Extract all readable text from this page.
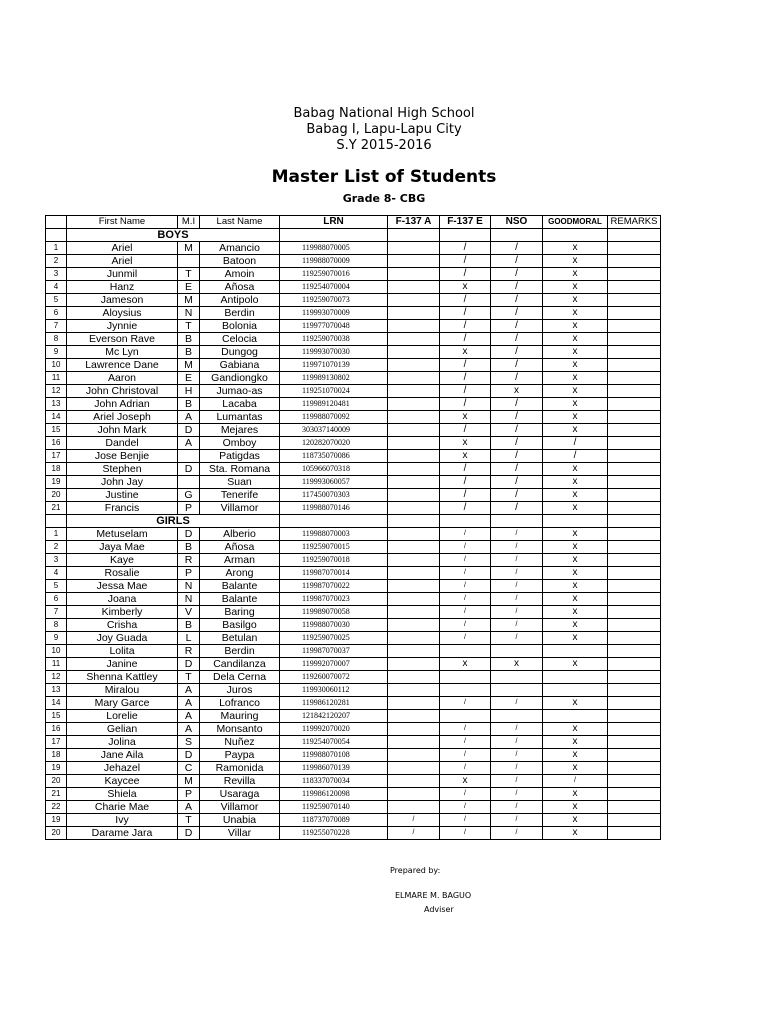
Babag National High School
Babag I, Lapu-Lapu City
S.Y 2015-2016
Master List of Students
Grade 8- CBG
	First Name	M.I	Last Name	LRN	F-137 A	F-137 E	NSO	GOODMORAL	REMARKS
	BOYS								
1	Ariel	M	Amancio	119988070005		/	/	x	
2	Ariel		Batoon	119988070009		/	/	x	
3	Junmil	T	Amoin	119259070016		/	/	x	
4	Hanz	E	Añosa	119254070004		x	/	x	
5	Jameson	M	Antipolo	119259070073		/	/	x	
6	Aloysius	N	Berdin	119993070009		/	/	x	
7	Jynnie	T	Bolonia	119977070048		/	/	x	
8	Everson Rave	B	Celocia	119259070038		/	/	x	
9	Mc Lyn	B	Dungog	119993070030		x	/	x	
10	Lawrence Dane	M	Gabiana	119971070139		/	/	x	
11	Aaron	E	Gandiongko	119989130802		/	/	x	
12	John Christoval	H	Jumao-as	119251070024		/	x	x	
13	John Adrian	B	Lacaba	119989120481		/	/	x	
14	Ariel Joseph	A	Lumantas	119988070092		x	/	x	
15	John Mark	D	Mejares	303037140009		/	/	x	
16	Dandel	A	Omboy	120282070020		x	/	/	
17	Jose Benjie		Patigdas	118735070086		x	/	/	
18	Stephen	D	Sta. Romana	105966070318		/	/	x	
19	John Jay		Suan	119993060057		/	/	x	
20	Justine	G	Tenerife	117450070303		/	/	x	
21	Francis	P	Villamor	119988070146		/	/	x	
	GIRLS								
1	Metuselam	D	Alberio	119988070003		/	/	x	
2	Jaya Mae	B	Añosa	119259070015		/	/	x	
3	Kaye	R	Arman	119259070018		/	/	x	
4	Rosalie	P	Arong	119987070014		/	/	x	
5	Jessa Mae	N	Balante	119987070022		/	/	x	
6	Joana	N	Balante	119987070023		/	/	x	
7	Kimberly	V	Baring	119989070058		/	/	x	
8	Crisha	B	Basilgo	119988070030		/	/	x	
9	Joy Guada	L	Betulan	119259070025		/	/	x	
10	Lolita	R	Berdin	119987070037					
11	Janine	D	Candilanza	119992070007		x	x	x	
12	Shenna Kattley	T	Dela Cerna	119260070072					
13	Miralou	A	Juros	119930060112					
14	Mary Garce	A	Lofranco	119986120281		/	/	x	
15	Lorelie	A	Mauring	121842120207					
16	Gelian	A	Monsanto	119992070020		/	/	x	
17	Jolina	S	Nuñez	119254070054		/	/	x	
18	Jane Aila	D	Paypa	119988070108		/	/	x	
19	Jehazel	C	Ramonida	119986070139		/	/	x	
20	Kaycee	M	Revilla	118337070034		x	/	/	
21	Shiela	P	Usaraga	119986120098		/	/	x	
22	Charie Mae	A	Villamor	119259070140		/	/	x	
19	Ivy	T	Unabia	118737070089	/	/	/	x	
20	Darame Jara	D	Villar	119255070228	/	/	/	x	
Prepared by:
ELMARE M. BAGUO
Adviser
